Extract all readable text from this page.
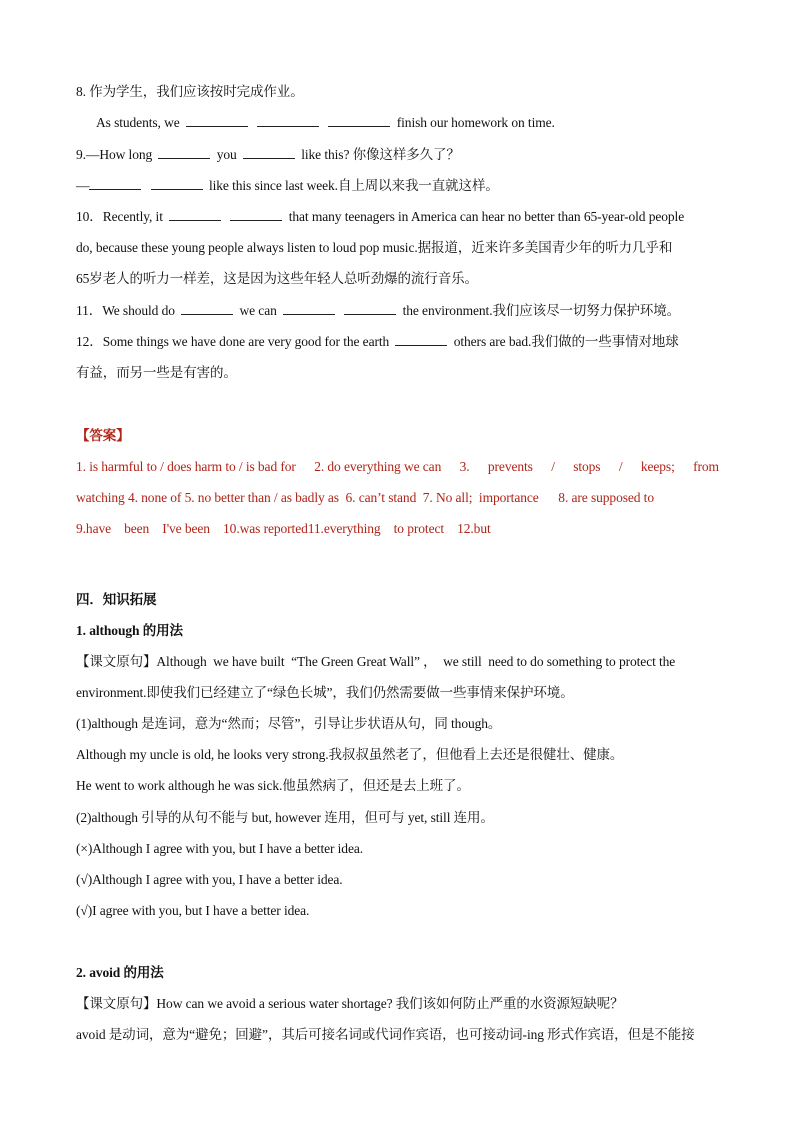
8. 作为学生，我们应该按时完成作业。
As students, we	finish our homework on time.
9.—How long	you	like this? 你像这样多久了？
—	like this since last week.自上周以来我一直就这样。
10．Recently, it	that many teenagers in America can hear no better than 65-year-old people
do, because these young people always listen to loud pop music.据报道，近来许多美国青少年的听力几乎和
65岁老人的听力一样差，这是因为这些年轻人总听劲爆的流行音乐。
11．We should do	we can	the environment.我们应该尽一切努力保护环境。
12．Some things we have done are very good for the earth	others are bad.我们做的一些事情对地球
有益，而另一些是有害的。
【答案】
1. is harmful to / does harm to / is bad for 2. do everything we can 3. prevents / stops / keeps; from
watching 4. none of 5. no better than / as badly as  6. can’t stand  7. No all;  importance      8. are supposed to
9.have    been    I've been    10.was reported11.everything    to protect    12.but
四．知识拓展
1. although 的用法
【课文原句】Although  we have built  “The Green Great Wall” ，  we still  need to do something to protect the
environment.即使我们已经建立了“绿色长城”，我们仍然需要做一些事情来保护环境。
(1)although 是连词，意为“然而；尽管”，引导让步状语从句，同 though。
Although my uncle is old, he looks very strong.我叔叔虽然老了，但他看上去还是很健壮、健康。
He went to work although he was sick.他虽然病了，但还是去上班了。
(2)although 引导的从句不能与 but, however 连用，但可与 yet, still 连用。
(×)Although I agree with you, but I have a better idea.
(√)Although I agree with you, I have a better idea.
(√)I agree with you, but I have a better idea.
2. avoid 的用法
【课文原句】How can we avoid a serious water shortage? 我们该如何防止严重的水资源短缺呢？
avoid 是动词，意为“避免；回避”，其后可接名词或代词作宾语，也可接动词-ing 形式作宾语，但是不能接
